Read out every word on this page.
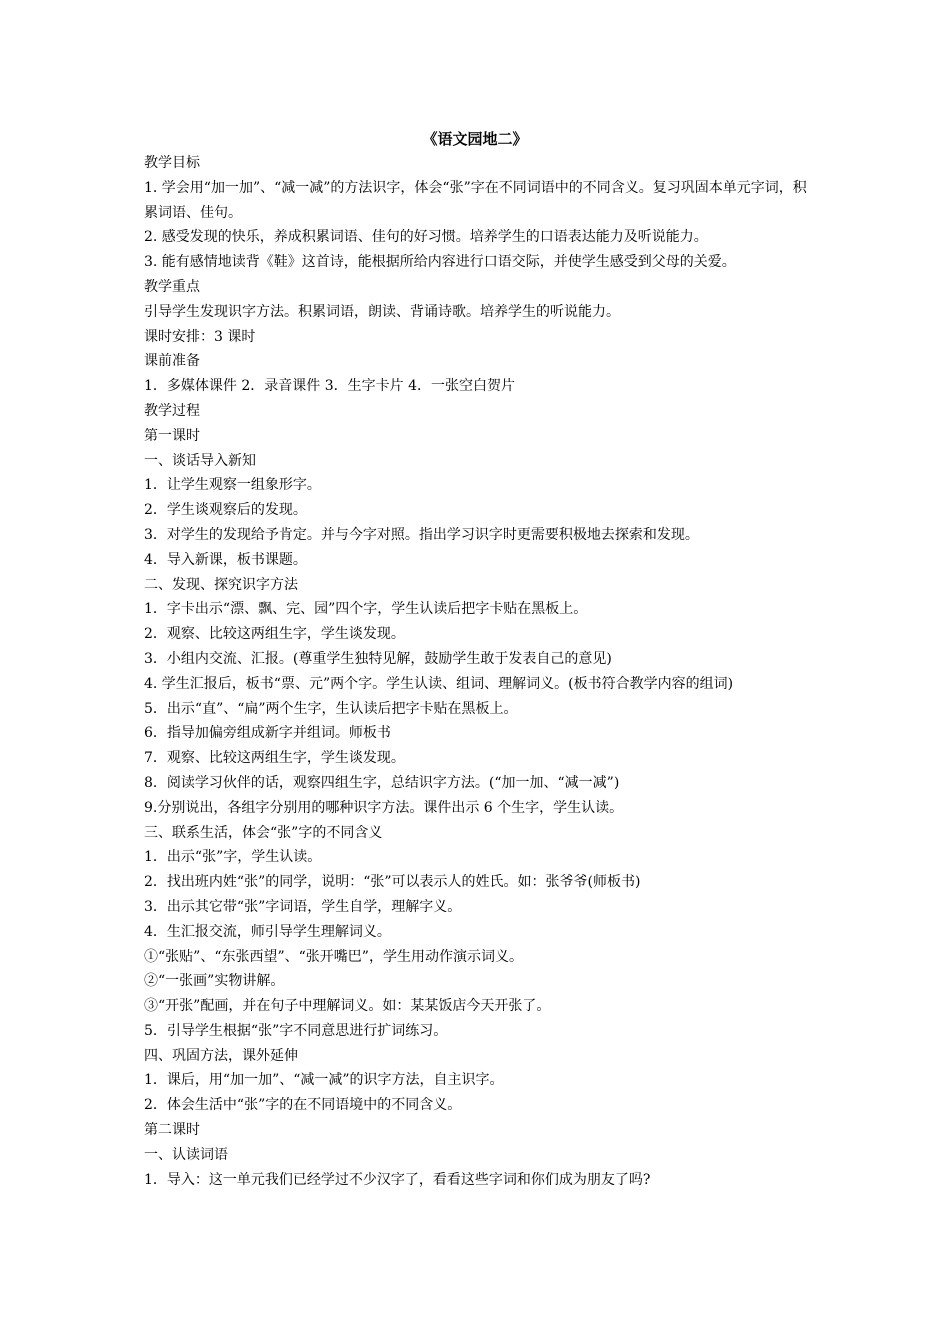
《语文园地二》

教学目标

1. 学会用“加一加”、“减一减”的方法识字，体会“张”字在不同词语中的不同含义。复习巩固本单元字词，积累词语、佳句。

2. 感受发现的快乐，养成积累词语、佳句的好习惯。培养学生的口语表达能力及听说能力。

3. 能有感情地读背《鞋》这首诗，能根据所给内容进行口语交际，并使学生感受到父母的关爱。

教学重点

引导学生发现识字方法。积累词语，朗读、背诵诗歌。培养学生的听说能力。

课时安排：3 课时

课前准备

1．多媒体课件 2．录音课件 3．生字卡片 4．一张空白贺片

教学过程

第一课时

一、谈话导入新知

1．让学生观察一组象形字。

2．学生谈观察后的发现。

3．对学生的发现给予肯定。并与今字对照。指出学习识字时更需要积极地去探索和发现。

4．导入新课，板书课题。

二、发现、探究识字方法

1．字卡出示“漂、飘、完、园”四个字，学生认读后把字卡贴在黑板上。

2．观察、比较这两组生字，学生谈发现。

3．小组内交流、汇报。(尊重学生独特见解，鼓励学生敢于发表自己的意见)

4. 学生汇报后，板书“票、元”两个字。学生认读、组词、理解词义。(板书符合教学内容的组词)

5．出示“直”、“扁”两个生字，生认读后把字卡贴在黑板上。

6．指导加偏旁组成新字并组词。师板书

7．观察、比较这两组生字，学生谈发现。

8．阅读学习伙伴的话，观察四组生字，总结识字方法。(“加一加、“减一减”)

9.分别说出，各组字分别用的哪种识字方法。课件出示 6 个生字，学生认读。

三、联系生活，体会“张”字的不同含义

1．出示“张”字，学生认读。

2．找出班内姓“张”的同学，说明：“张”可以表示人的姓氏。如：张爷爷(师板书)

3．出示其它带“张”字词语，学生自学，理解字义。

4．生汇报交流，师引导学生理解词义。

①“张贴”、“东张西望”、“张开嘴巴”，学生用动作演示词义。

②“一张画”实物讲解。

③“开张”配画，并在句子中理解词义。如：某某饭店今天开张了。

5．引导学生根据“张”字不同意思进行扩词练习。

四、巩固方法，课外延伸

1．课后，用“加一加”、“减一减”的识字方法，自主识字。

2．体会生活中“张”字的在不同语境中的不同含义。

第二课时

一、认读词语

1．导入：这一单元我们已经学过不少汉字了，看看这些字词和你们成为朋友了吗?
